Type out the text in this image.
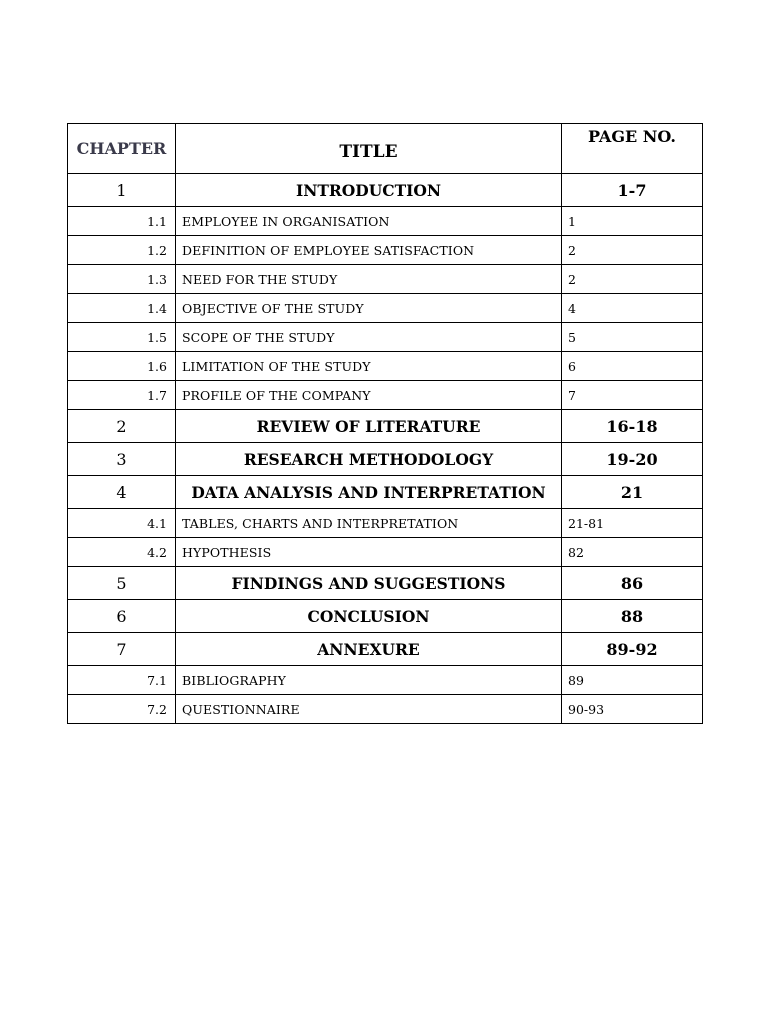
CHAPTER	TITLE	PAGE NO.
1	INTRODUCTION	1-7
1.1	EMPLOYEE IN ORGANISATION	1
1.2	DEFINITION OF EMPLOYEE SATISFACTION	2
1.3	NEED FOR THE STUDY	2
1.4	OBJECTIVE OF THE STUDY	4
1.5	SCOPE OF THE STUDY	5
1.6	LIMITATION OF THE STUDY	6
1.7	PROFILE OF THE COMPANY	7
2	REVIEW OF LITERATURE	16-18
3	RESEARCH METHODOLOGY	19-20
4	DATA ANALYSIS AND INTERPRETATION	21
4.1	TABLES, CHARTS AND INTERPRETATION	21-81
4.2	HYPOTHESIS	82
5	FINDINGS AND SUGGESTIONS	86
6	CONCLUSION	88
7	ANNEXURE	89-92
7.1	BIBLIOGRAPHY	89
7.2	QUESTIONNAIRE	90-93
